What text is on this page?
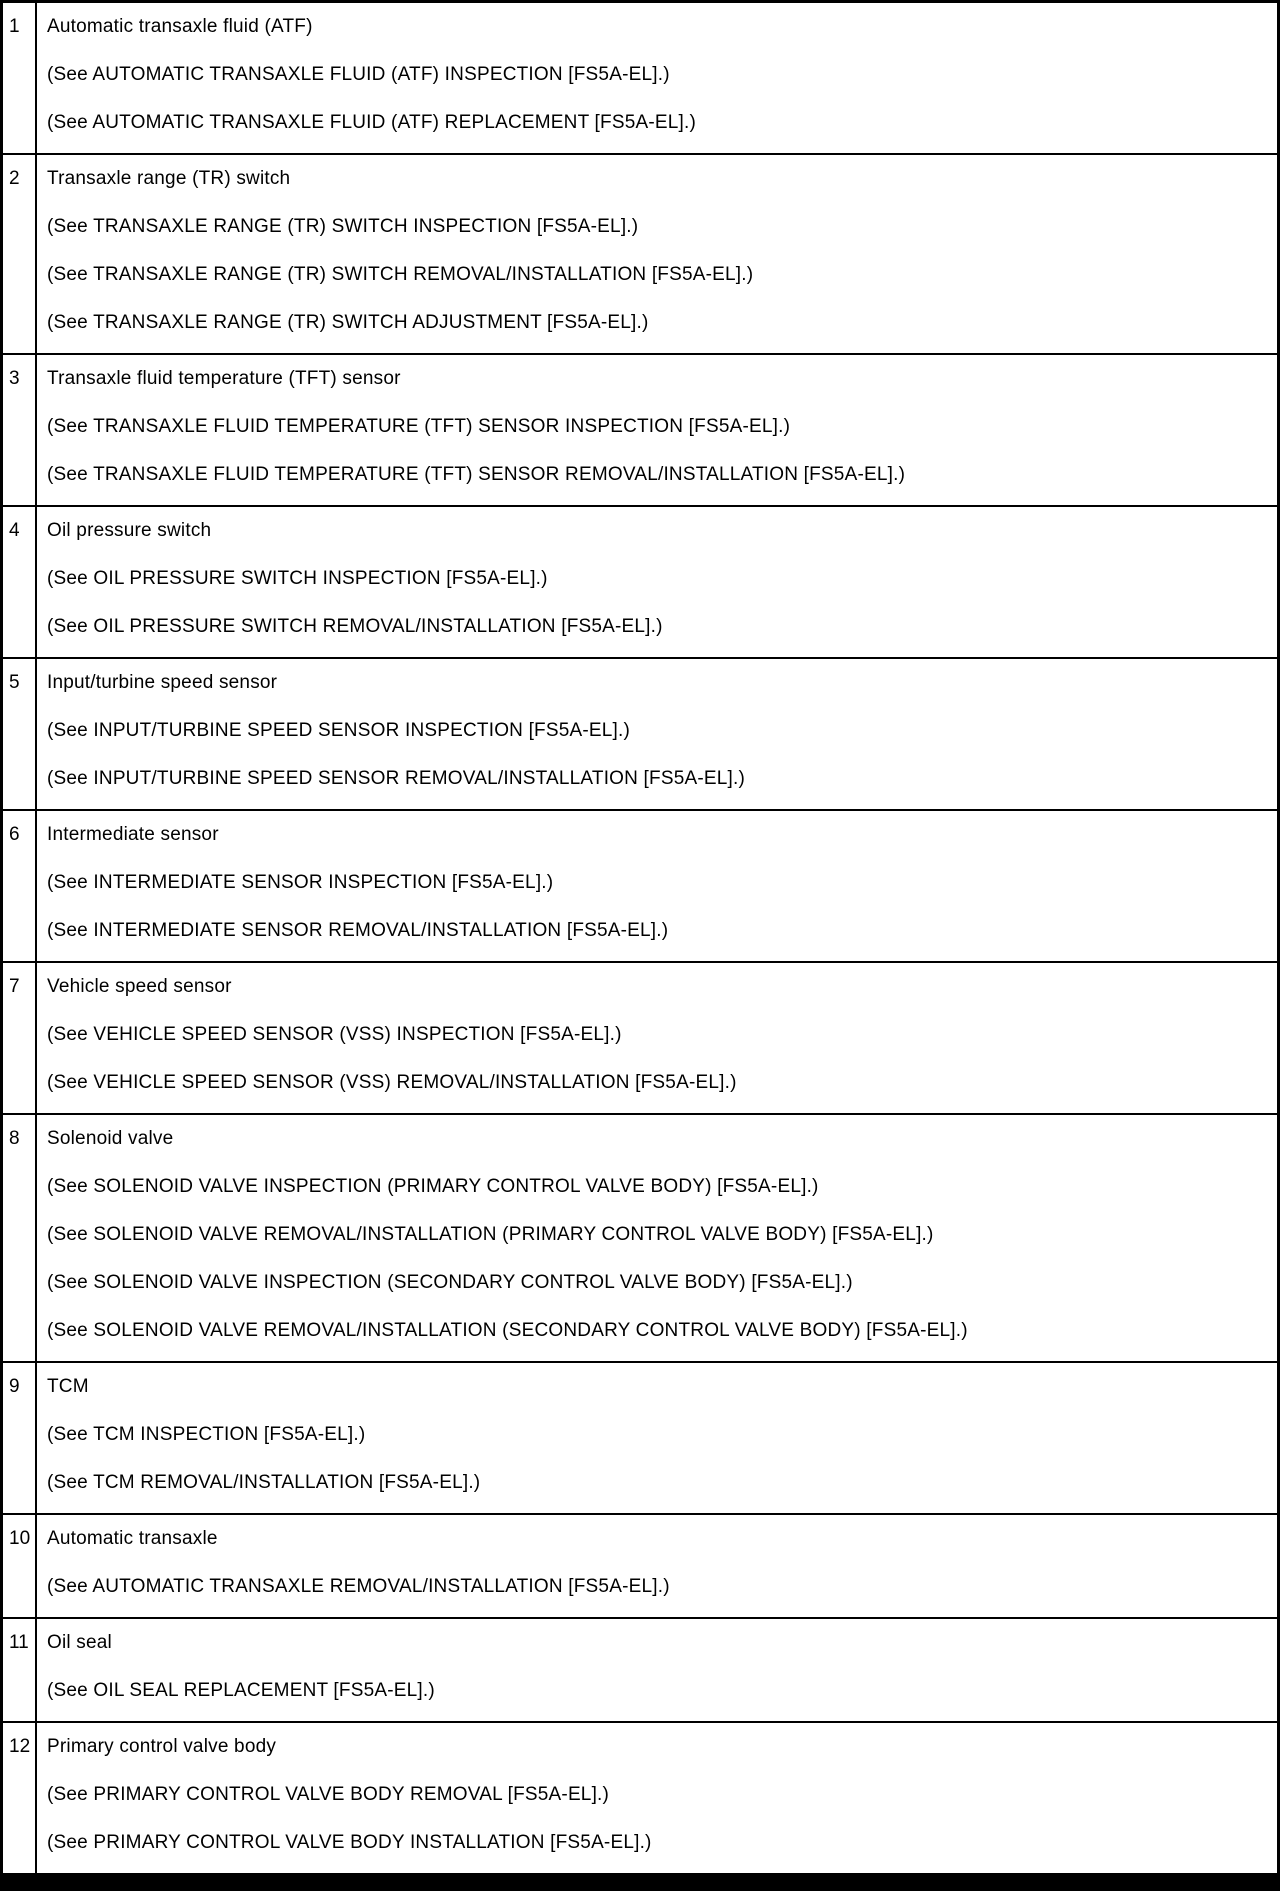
1	Automatic transaxle fluid (ATF)
(See AUTOMATIC TRANSAXLE FLUID (ATF) INSPECTION [FS5A-EL].)
(See AUTOMATIC TRANSAXLE FLUID (ATF) REPLACEMENT [FS5A-EL].)
2	Transaxle range (TR) switch
(See TRANSAXLE RANGE (TR) SWITCH INSPECTION [FS5A-EL].)
(See TRANSAXLE RANGE (TR) SWITCH REMOVAL/INSTALLATION [FS5A-EL].)
(See TRANSAXLE RANGE (TR) SWITCH ADJUSTMENT [FS5A-EL].)
3	Transaxle fluid temperature (TFT) sensor
(See TRANSAXLE FLUID TEMPERATURE (TFT) SENSOR INSPECTION [FS5A-EL].)
(See TRANSAXLE FLUID TEMPERATURE (TFT) SENSOR REMOVAL/INSTALLATION [FS5A-EL].)
4	Oil pressure switch
(See OIL PRESSURE SWITCH INSPECTION [FS5A-EL].)
(See OIL PRESSURE SWITCH REMOVAL/INSTALLATION [FS5A-EL].)
5	Input/turbine speed sensor
(See INPUT/TURBINE SPEED SENSOR INSPECTION [FS5A-EL].)
(See INPUT/TURBINE SPEED SENSOR REMOVAL/INSTALLATION [FS5A-EL].)
6	Intermediate sensor
(See INTERMEDIATE SENSOR INSPECTION [FS5A-EL].)
(See INTERMEDIATE SENSOR REMOVAL/INSTALLATION [FS5A-EL].)
7	Vehicle speed sensor
(See VEHICLE SPEED SENSOR (VSS) INSPECTION [FS5A-EL].)
(See VEHICLE SPEED SENSOR (VSS) REMOVAL/INSTALLATION [FS5A-EL].)
8	Solenoid valve
(See SOLENOID VALVE INSPECTION (PRIMARY CONTROL VALVE BODY) [FS5A-EL].)
(See SOLENOID VALVE REMOVAL/INSTALLATION (PRIMARY CONTROL VALVE BODY) [FS5A-EL].)
(See SOLENOID VALVE INSPECTION (SECONDARY CONTROL VALVE BODY) [FS5A-EL].)
(See SOLENOID VALVE REMOVAL/INSTALLATION (SECONDARY CONTROL VALVE BODY) [FS5A-EL].)
9	TCM
(See TCM INSPECTION [FS5A-EL].)
(See TCM REMOVAL/INSTALLATION [FS5A-EL].)
10 Automatic transaxle
(See AUTOMATIC TRANSAXLE REMOVAL/INSTALLATION [FS5A-EL].)
11 Oil seal
(See OIL SEAL REPLACEMENT [FS5A-EL].)
12 Primary control valve body
(See PRIMARY CONTROL VALVE BODY REMOVAL [FS5A-EL].)
(See PRIMARY CONTROL VALVE BODY INSTALLATION [FS5A-EL].)
